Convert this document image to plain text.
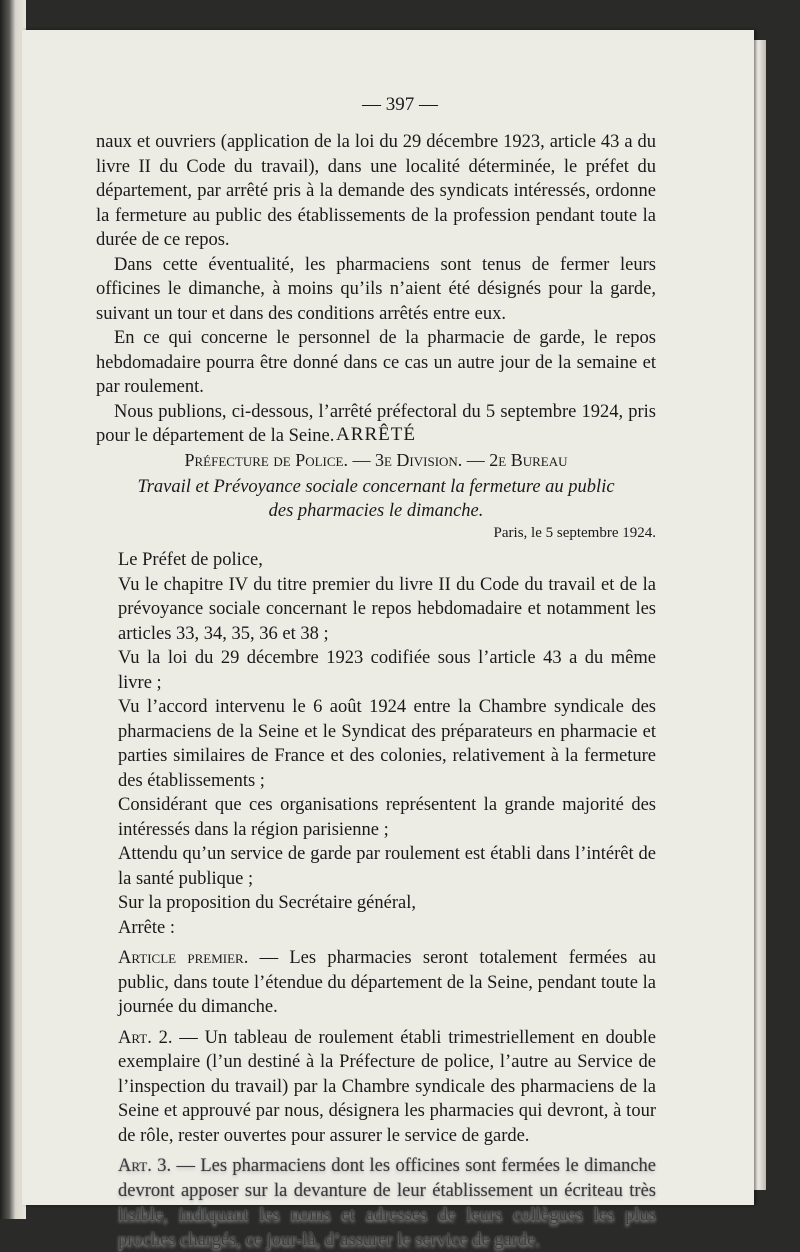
— 397 —

naux et ouvriers (application de la loi du 29 décembre 1923, article 43 a du livre II du Code du travail), dans une localité déterminée, le préfet du département, par arrêté pris à la demande des syndicats intéressés, ordonne la fermeture au public des établissements de la profession pendant toute la durée de ce repos.

Dans cette éventualité, les pharmaciens sont tenus de fermer leurs officines le dimanche, à moins qu’ils n’aient été désignés pour la garde, suivant un tour et dans des conditions arrêtés entre eux.

En ce qui concerne le personnel de la pharmacie de garde, le repos hebdomadaire pourra être donné dans ce cas un autre jour de la semaine et par roulement.

Nous publions, ci-dessous, l’arrêté préfectoral du 5 septembre 1924, pris pour le département de la Seine. ARRÊTÉ

Préfecture de Police. — 3e Division. — 2e Bureau

Travail et Prévoyance sociale concernant la fermeture au public

des pharmacies le dimanche.

Paris, le 5 septembre 1924.

Le Préfet de police,

Vu le chapitre IV du titre premier du livre II du Code du travail et de la prévoyance sociale concernant le repos hebdomadaire et notamment les articles 33, 34, 35, 36 et 38 ;

Vu la loi du 29 décembre 1923 codifiée sous l’article 43 a du même livre ;

Vu l’accord intervenu le 6 août 1924 entre la Chambre syndicale des pharmaciens de la Seine et le Syndicat des préparateurs en pharmacie et parties similaires de France et des colonies, relativement à la fermeture des établissements ;

Considérant que ces organisations représentent la grande majorité des intéressés dans la région parisienne ;

Attendu qu’un service de garde par roulement est établi dans l’intérêt de la santé publique ;

Sur la proposition du Secrétaire général,

Arrête :

Article premier. — Les pharmacies seront totalement fermées au public, dans toute l’étendue du département de la Seine, pendant toute la journée du dimanche.

Art. 2. — Un tableau de roulement établi trimestriellement en double exemplaire (l’un destiné à la Préfecture de police, l’autre au Service de l’inspection du travail) par la Chambre syndicale des pharmaciens de la Seine et approuvé par nous, désignera les pharmacies qui devront, à tour de rôle, rester ouvertes pour assurer le service de garde.

Art. 3. — Les pharmaciens dont les officines sont fermées le dimanche devront apposer sur la devanture de leur établissement un écriteau très lisible, indiquant les noms et adresses de leurs collègues les plus proches chargés, ce jour-là, d’assurer le service de garde.
